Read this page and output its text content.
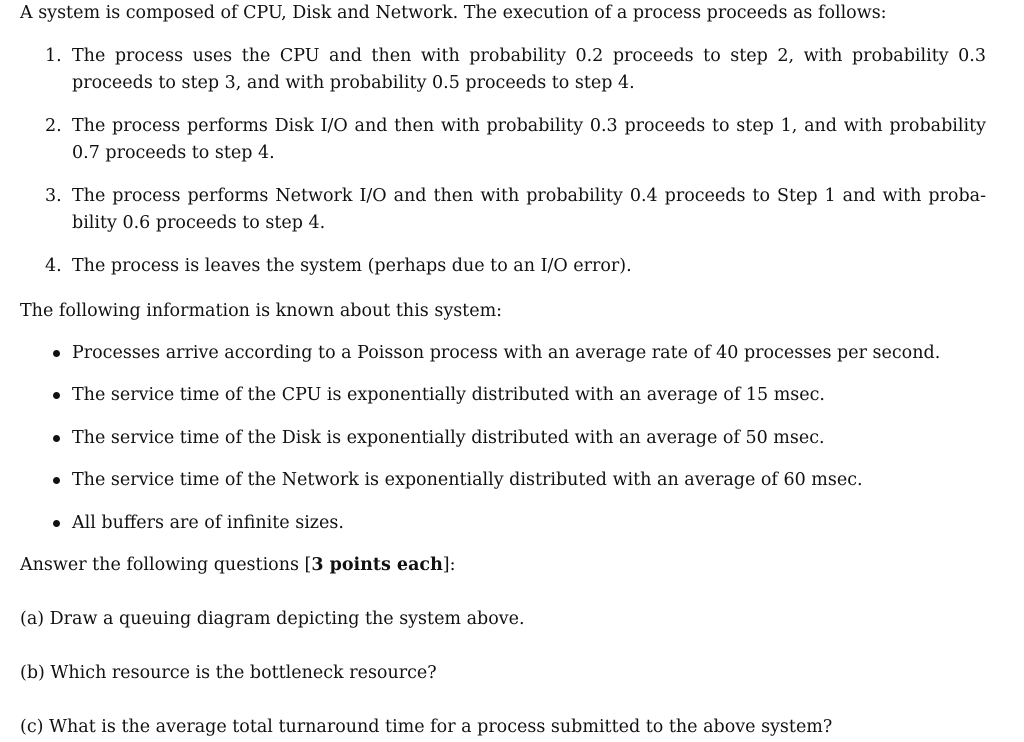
A system is composed of CPU, Disk and Network. The execution of a process proceeds as follows:
1. The process uses the CPU and then with probability 0.2 proceeds to step 2, with probability 0.3
proceeds to step 3, and with probability 0.5 proceeds to step 4.
2. The process performs Disk I/O and then with probability 0.3 proceeds to step 1, and with probability
0.7 proceeds to step 4.
3. The process performs Network I/O and then with probability 0.4 proceeds to Step 1 and with proba-
bility 0.6 proceeds to step 4.
4. The process is leaves the system (perhaps due to an I/O error).
The following information is known about this system:
Processes arrive according to a Poisson process with an average rate of 40 processes per second.
The service time of the CPU is exponentially distributed with an average of 15 msec.
The service time of the Disk is exponentially distributed with an average of 50 msec.
The service time of the Network is exponentially distributed with an average of 60 msec.
All buffers are of infinite sizes.
Answer the following questions [3 points each]:
(a) Draw a queuing diagram depicting the system above.
(b) Which resource is the bottleneck resource?
(c) What is the average total turnaround time for a process submitted to the above system?
